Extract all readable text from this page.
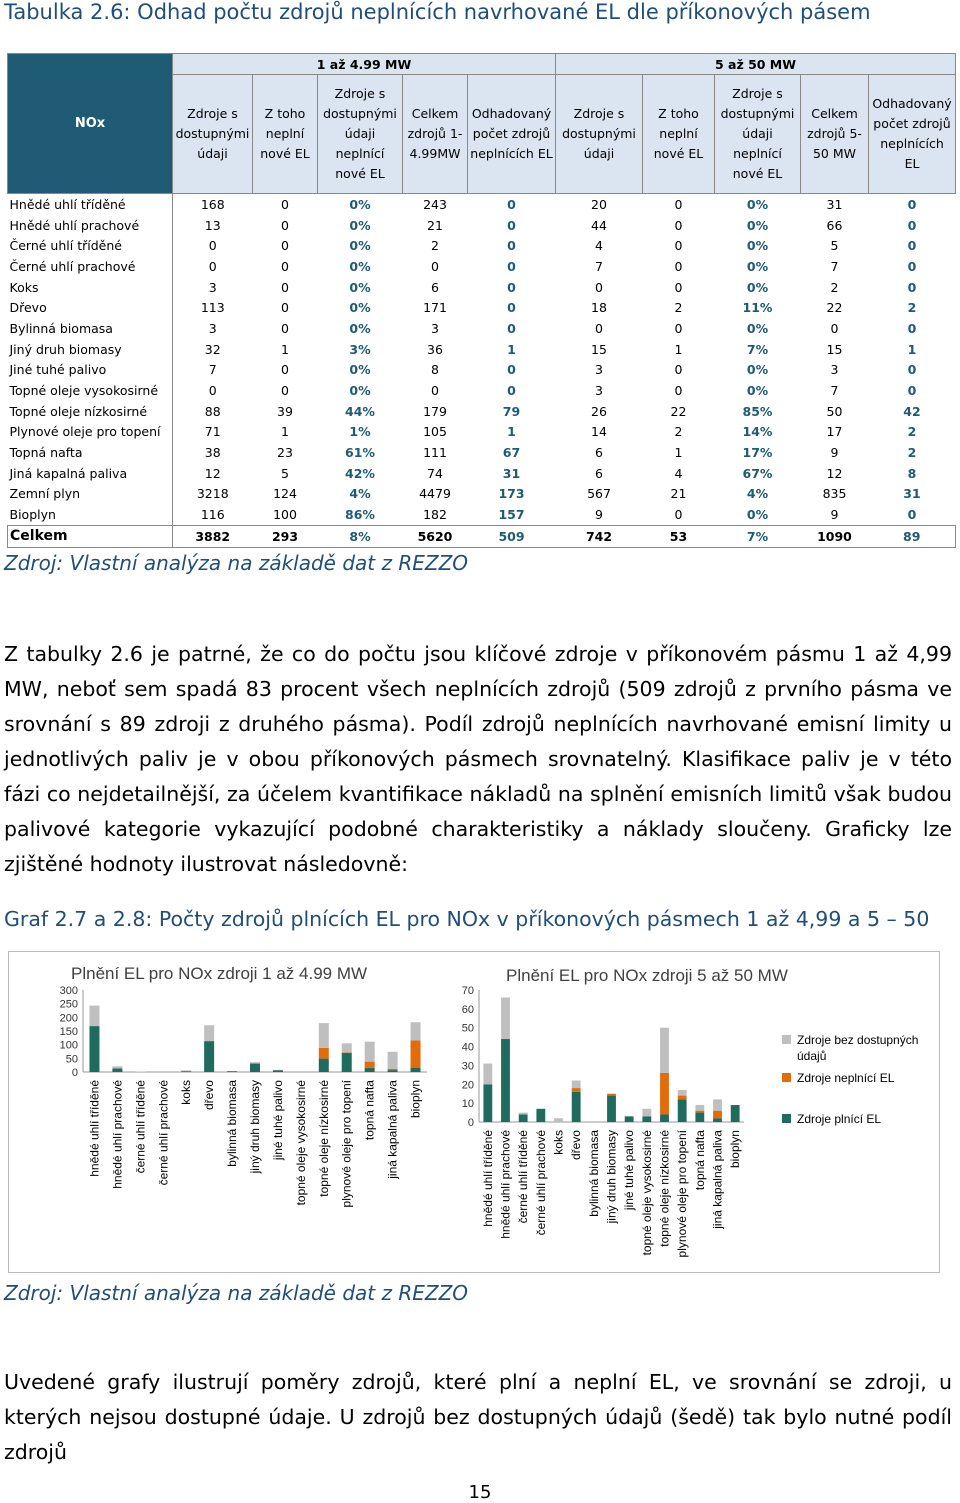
Tabulka 2.6: Odhad počtu zdrojů neplnících navrhované EL dle příkonových pásem
NOx	1 až 4.99 MW					5 až 50 MW				
	Zdroje s dostupnými údaji	Z toho neplní nové EL	Zdroje s dostupnými údaji neplnící nové EL	Celkem zdrojů 1-4.99MW	Odhadovaný počet zdrojů neplnících EL	Zdroje s dostupnými údaji	Z toho neplní nové EL	Zdroje s dostupnými údaji neplnící nové EL	Celkem zdrojů 5-50 MW	Odhadovaný počet zdrojů neplnících EL
Hnědé uhlí tříděné	168	0	0%	243	0	20	0	0%	31	0
Hnědé uhlí prachové	13	0	0%	21	0	44	0	0%	66	0
Černé uhlí tříděné	0	0	0%	2	0	4	0	0%	5	0
Černé uhlí prachové	0	0	0%	0	0	7	0	0%	7	0
Koks	3	0	0%	6	0	0	0	0%	2	0
Dřevo	113	0	0%	171	0	18	2	11%	22	2
Bylinná biomasa	3	0	0%	3	0	0	0	0%	0	0
Jiný druh biomasy	32	1	3%	36	1	15	1	7%	15	1
Jiné tuhé palivo	7	0	0%	8	0	3	0	0%	3	0
Topné oleje vysokosirné	0	0	0%	0	0	3	0	0%	7	0
Topné oleje nízkosirné	88	39	44%	179	79	26	22	85%	50	42
Plynové oleje pro topení	71	1	1%	105	1	14	2	14%	17	2
Topná nafta	38	23	61%	111	67	6	1	17%	9	2
Jiná kapalná paliva	12	5	42%	74	31	6	4	67%	12	8
Zemní plyn	3218	124	4%	4479	173	567	21	4%	835	31
Bioplyn	116	100	86%	182	157	9	0	0%	9	0
Celkem	3882	293	8%	5620	509	742	53	7%	1090	89
Zdroj: Vlastní analýza na základě dat z REZZO
Z tabulky 2.6 je patrné, že co do počtu jsou klíčové zdroje v příkonovém pásmu 1 až 4,99 MW, neboť sem spadá 83 procent všech neplnících zdrojů (509 zdrojů z prvního pásma ve srovnání s 89 zdroji z druhého pásma). Podíl zdrojů neplnících navrhované emisní limity u jednotlivých paliv je v obou příkonových pásmech srovnatelný. Klasifikace paliv je v této fázi co nejdetailnější, za účelem kvantifikace nákladů na splnění emisních limitů však budou palivové kategorie vykazující podobné charakteristiky a náklady sloučeny. Graficky lze zjištěné hodnoty ilustrovat následovně:
Graf 2.7 a 2.8: Počty zdrojů plnících EL pro NOx v příkonových pásmech 1 až 4,99 a 5 – 50
Plnění EL pro NOx zdroji 1 až 4.99 MW
0
50
100
150
200
250
300
hnědé uhlí tříděné hnědé uhlí prachové černé uhlí tříděné černé uhlí prachové koks dřevo bylinná biomasa jiný druh biomasy jiné tuhé palivo topné oleje vysokosirné topné oleje nízkosirné plynové oleje pro topení topná nafta jiná kapalná paliva bioplyn
Plnění EL pro NOx zdroji 5 až 50 MW
0
10
20
30
40
50
60
70
hnědé uhlí tříděné hnědé uhlí prachové černé uhlí tříděné černé uhlí prachové koks dřevo bylinná biomasa jiný druh biomasy jiné tuhé palivo topné oleje vysokosirné topné oleje nízkosirné plynové oleje pro topení topná nafta jiná kapalná paliva bioplyn
Zdroje bez dostupných
údajů
Zdroje neplnící EL
Zdroje plnící EL
Zdroj: Vlastní analýza na základě dat z REZZO
Uvedené grafy ilustrují poměry zdrojů, které plní a neplní EL, ve srovnání se zdroji, u kterých nejsou dostupné údaje. U zdrojů bez dostupných údajů (šedě) tak bylo nutné podíl zdrojů
15
